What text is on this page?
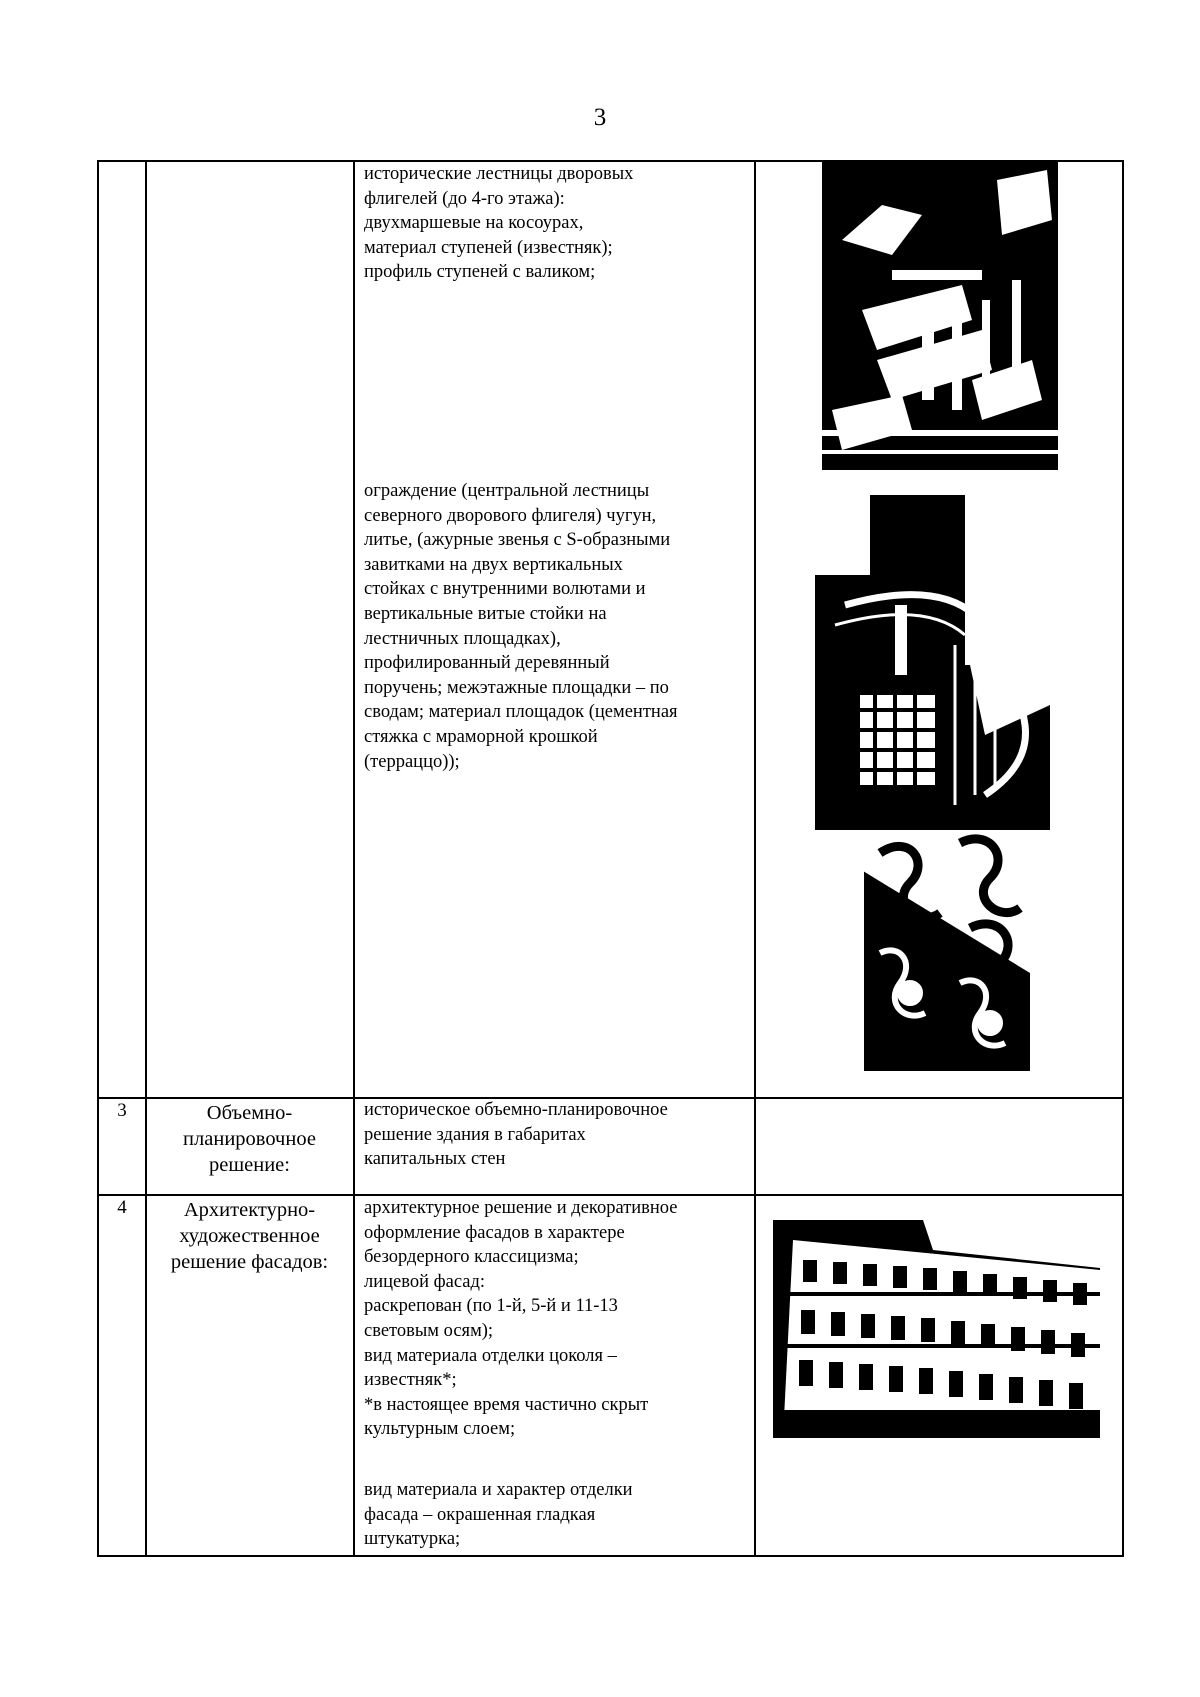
3
исторические лестницы дворовых
флигелей (до 4-го этажа):
двухмаршевые на косоурах,
материал ступеней (известняк);
профиль ступеней с валиком;
ограждение (центральной лестницы
северного дворового флигеля) чугун,
литье, (ажурные звенья с S-образными
завитками на двух вертикальных
стойках с внутренними волютами и
вертикальные витые стойки на
лестничных площадках),
профилированный деревянный
поручень; межэтажные площадки – по
сводам; материал площадок (цементная
стяжка с мраморной крошкой
(терраццо));
3	Объемно-
планировочное
решение:
историческое объемно-планировочное
решение здания в габаритах
капитальных стен
4	Архитектурно-
художественное
решение фасадов:
архитектурное решение и декоративное
оформление фасадов в характере
безордерного классицизма;
лицевой фасад:
раскрепован (по 1-й, 5-й и 11-13
световым осям);
вид материала отделки цоколя –
известняк*;
*в настоящее время частично скрыт
культурным слоем;
вид материала и характер отделки
фасада – окрашенная гладкая
штукатурка;
